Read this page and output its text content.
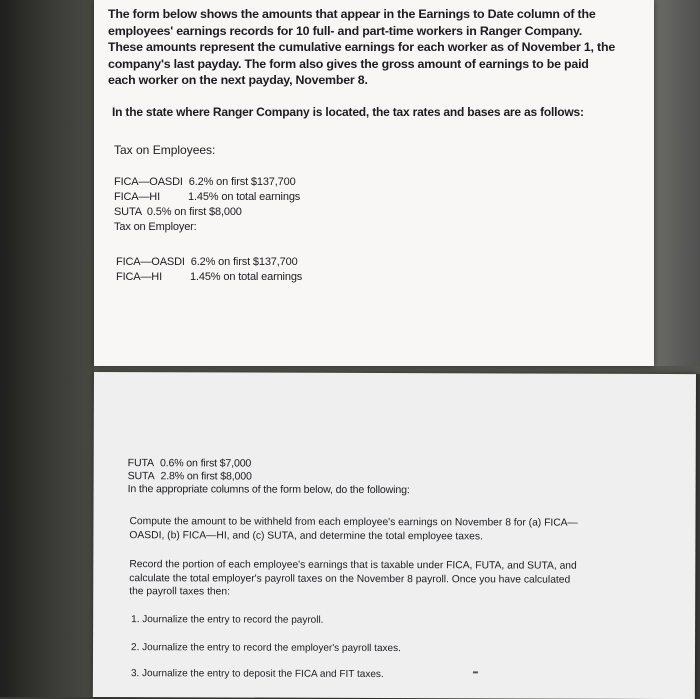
The form below shows the amounts that appear in the Earnings to Date column of the employees' earnings records for 10 full- and part-time workers in Ranger Company. These amounts represent the cumulative earnings for each worker as of November 1, the company's last payday. The form also gives the gross amount of earnings to be paid each worker on the next payday, November 8.

In the state where Ranger Company is located, the tax rates and bases are as follows:

Tax on Employees:

FICA—OASDI 6.2% on first $137,700
FICA—HI	1.45% on total earnings
SUTA 0.5% on first $8,000
Tax on Employer:
FICA—OASDI 6.2% on first $137,700
FICA—HI	1.45% on total earnings
FUTA 0.6% on first $7,000
SUTA 2.8% on first $8,000
In the appropriate columns of the form below, do the following:

Compute the amount to be withheld from each employee's earnings on November 8 for (a) FICA—OASDI, (b) FICA—HI, and (c) SUTA, and determine the total employee taxes.

Record the portion of each employee's earnings that is taxable under FICA, FUTA, and SUTA, and calculate the total employer's payroll taxes on the November 8 payroll. Once you have calculated the payroll taxes then:

1. Journalize the entry to record the payroll.

2. Journalize the entry to record the employer's payroll taxes.

3. Journalize the entry to deposit the FICA and FIT taxes.
